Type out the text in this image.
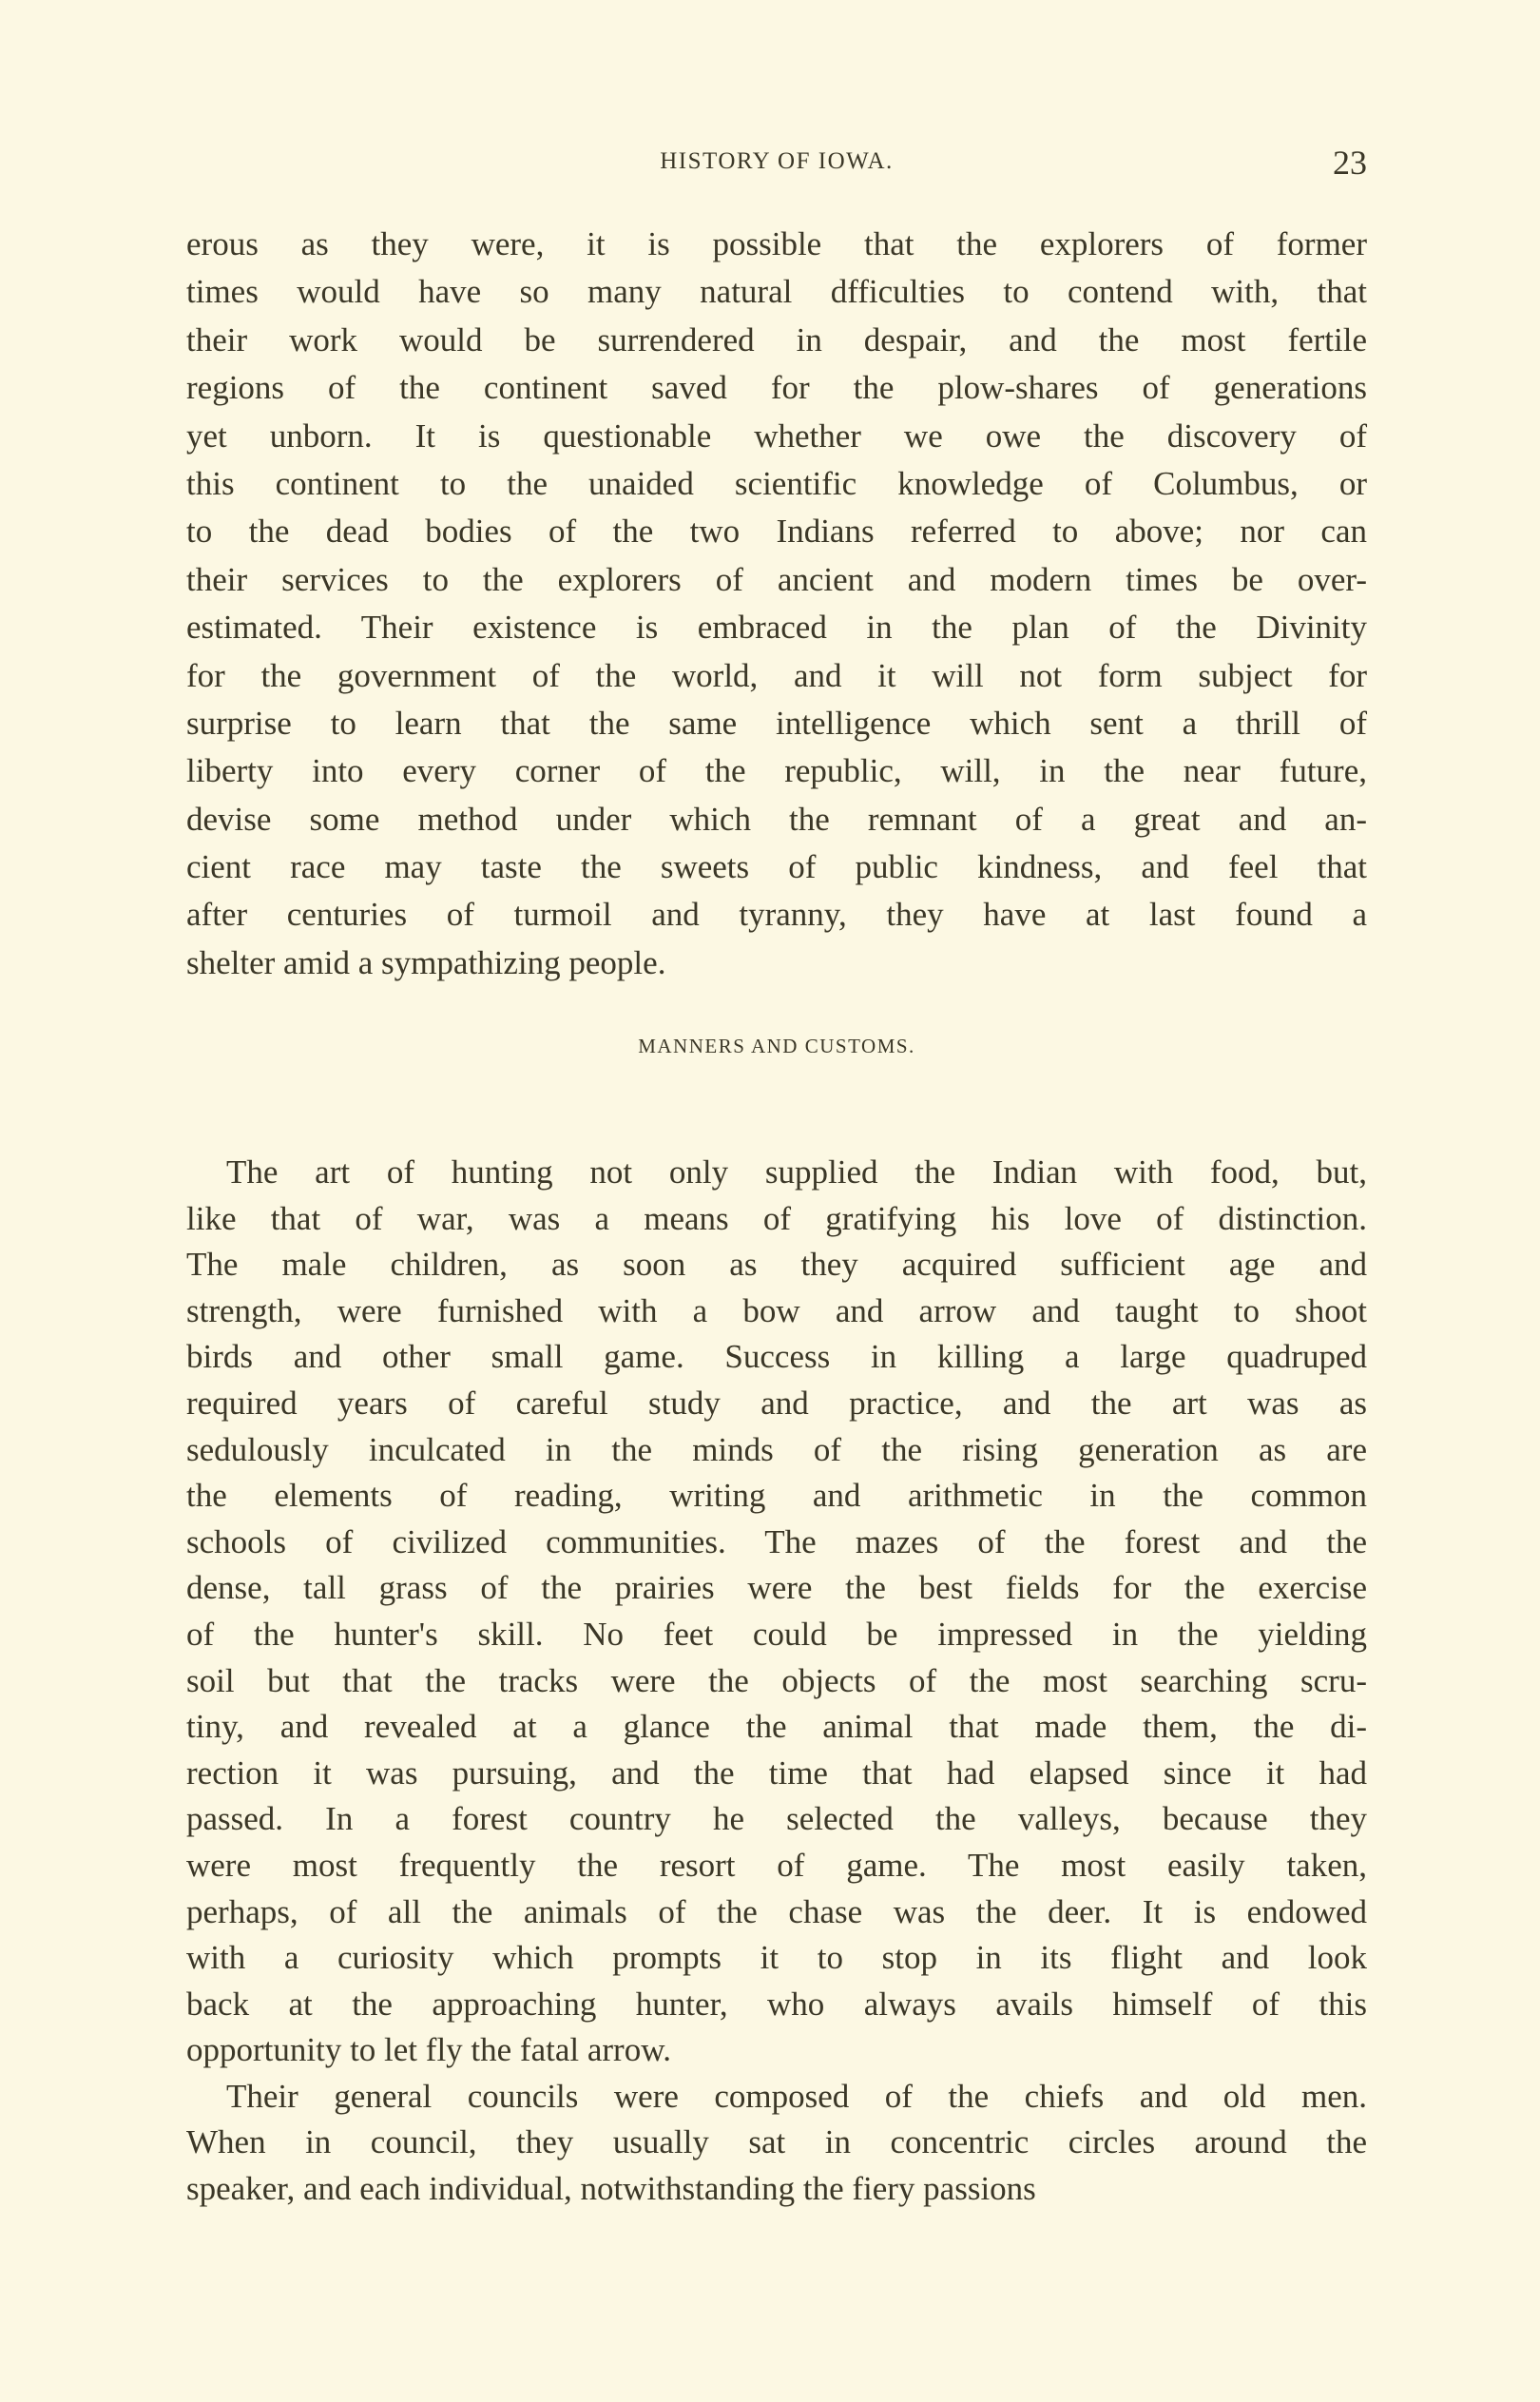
HISTORY OF IOWA.	23
erous as they were, it is possible that the explorers of former
times would have so many natural dfficulties to contend with, that
their work would be surrendered in despair, and the most fertile
regions of the continent saved for the plow-shares of generations
yet unborn. It is questionable whether we owe the discovery of
this continent to the unaided scientific knowledge of Columbus, or
to the dead bodies of the two Indians referred to above; nor can
their services to the explorers of ancient and modern times be over-
estimated. Their existence is embraced in the plan of the Divinity
for the government of the world, and it will not form subject for
surprise to learn that the same intelligence which sent a thrill of
liberty into every corner of the republic, will, in the near future,
devise some method under which the remnant of a great and an-
cient race may taste the sweets of public kindness, and feel that
after centuries of turmoil and tyranny, they have at last found a
shelter amid a sympathizing people.
MANNERS AND CUSTOMS.
The art of hunting not only supplied the Indian with food, but,
like that of war, was a means of gratifying his love of distinction.
The male children, as soon as they acquired sufficient age and
strength, were furnished with a bow and arrow and taught to shoot
birds and other small game. Success in killing a large quadruped
required years of careful study and practice, and the art was as
sedulously inculcated in the minds of the rising generation as are
the elements of reading, writing and arithmetic in the common
schools of civilized communities. The mazes of the forest and the
dense, tall grass of the prairies were the best fields for the exercise
of the hunter's skill. No feet could be impressed in the yielding
soil but that the tracks were the objects of the most searching scru-
tiny, and revealed at a glance the animal that made them, the di-
rection it was pursuing, and the time that had elapsed since it had
passed. In a forest country he selected the valleys, because they
were most frequently the resort of game. The most easily taken,
perhaps, of all the animals of the chase was the deer. It is endowed
with a curiosity which prompts it to stop in its flight and look
back at the approaching hunter, who always avails himself of this
opportunity to let fly the fatal arrow.
Their general councils were composed of the chiefs and old men.
When in council, they usually sat in concentric circles around the
speaker, and each individual, notwithstanding the fiery passions
